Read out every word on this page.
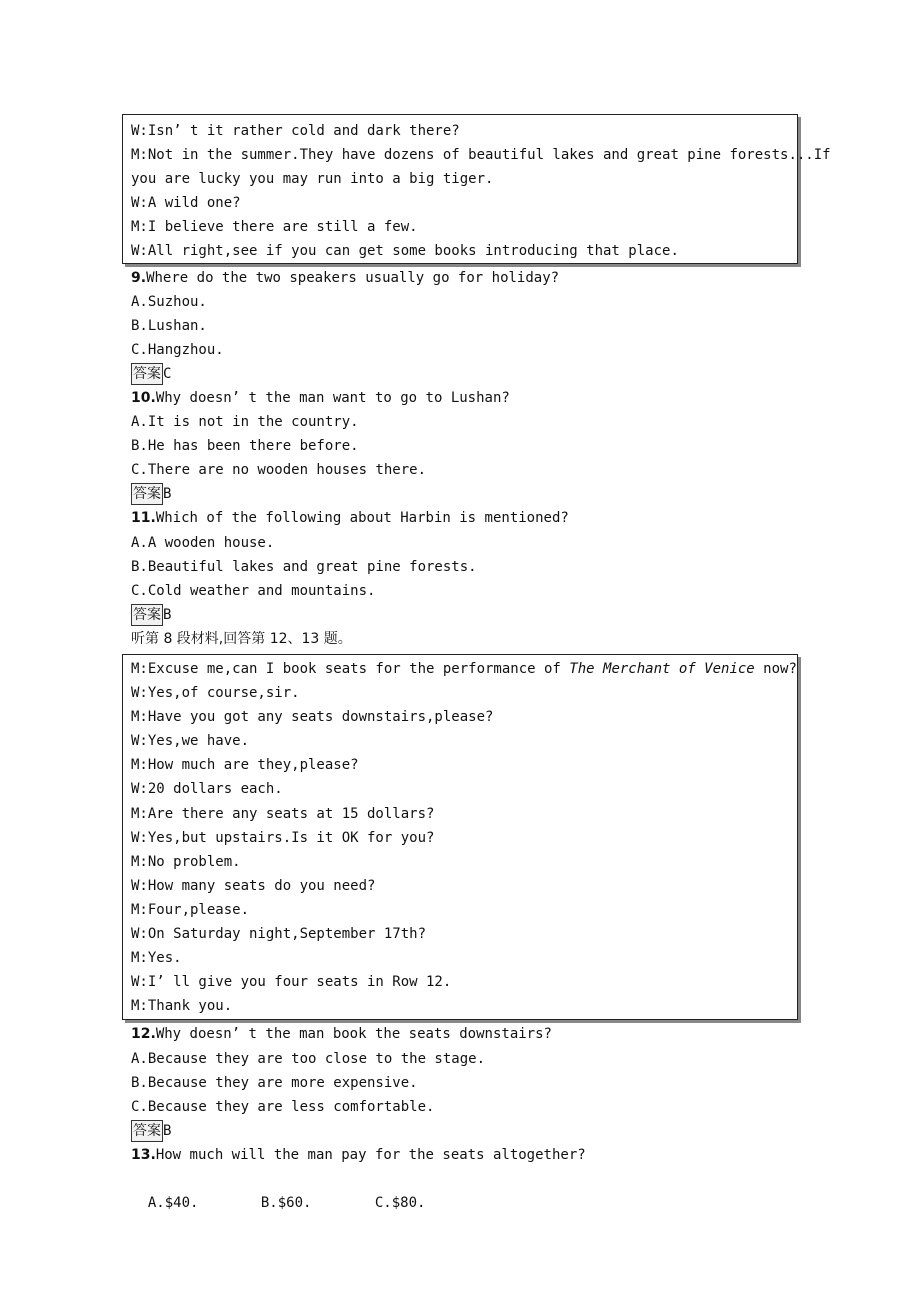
W:Isn’ t it rather cold and dark there?
M:Not in the summer.They have dozens of beautiful lakes and great pine forests...If
you are lucky you may run into a big tiger.
W:A wild one?
M:I believe there are still a few.
W:All right,see if you can get some books introducing that place.
9.Where do the two speakers usually go for holiday?
A.Suzhou.
B.Lushan.
C.Hangzhou.
答案 C
10.Why doesn’ t the man want to go to Lushan?
A.It is not in the country.
B.He has been there before.
C.There are no wooden houses there.
答案 B
11.Which of the following about Harbin is mentioned?
A.A wooden house.
B.Beautiful lakes and great pine forests.
C.Cold weather and mountains.
答案 B
听第 8 段材料,回答第 12、13 题。
M:Excuse me,can I book seats for the performance of The Merchant of Venice now?
W:Yes,of course,sir.
M:Have you got any seats downstairs,please?
W:Yes,we have.
M:How much are they,please?
W:20 dollars each.
M:Are there any seats at 15 dollars?
W:Yes,but upstairs.Is it OK for you?
M:No problem.
W:How many seats do you need?
M:Four,please.
W:On Saturday night,September 17th?
M:Yes.
W:I’ ll give you four seats in Row 12.
M:Thank you.
12.Why doesn’ t the man book the seats downstairs?
A.Because they are too close to the stage.
B.Because they are more expensive.
C.Because they are less comfortable.
答案 B
13.How much will the man pay for the seats altogether?

A.$40.	B.$60.	C.$80.
